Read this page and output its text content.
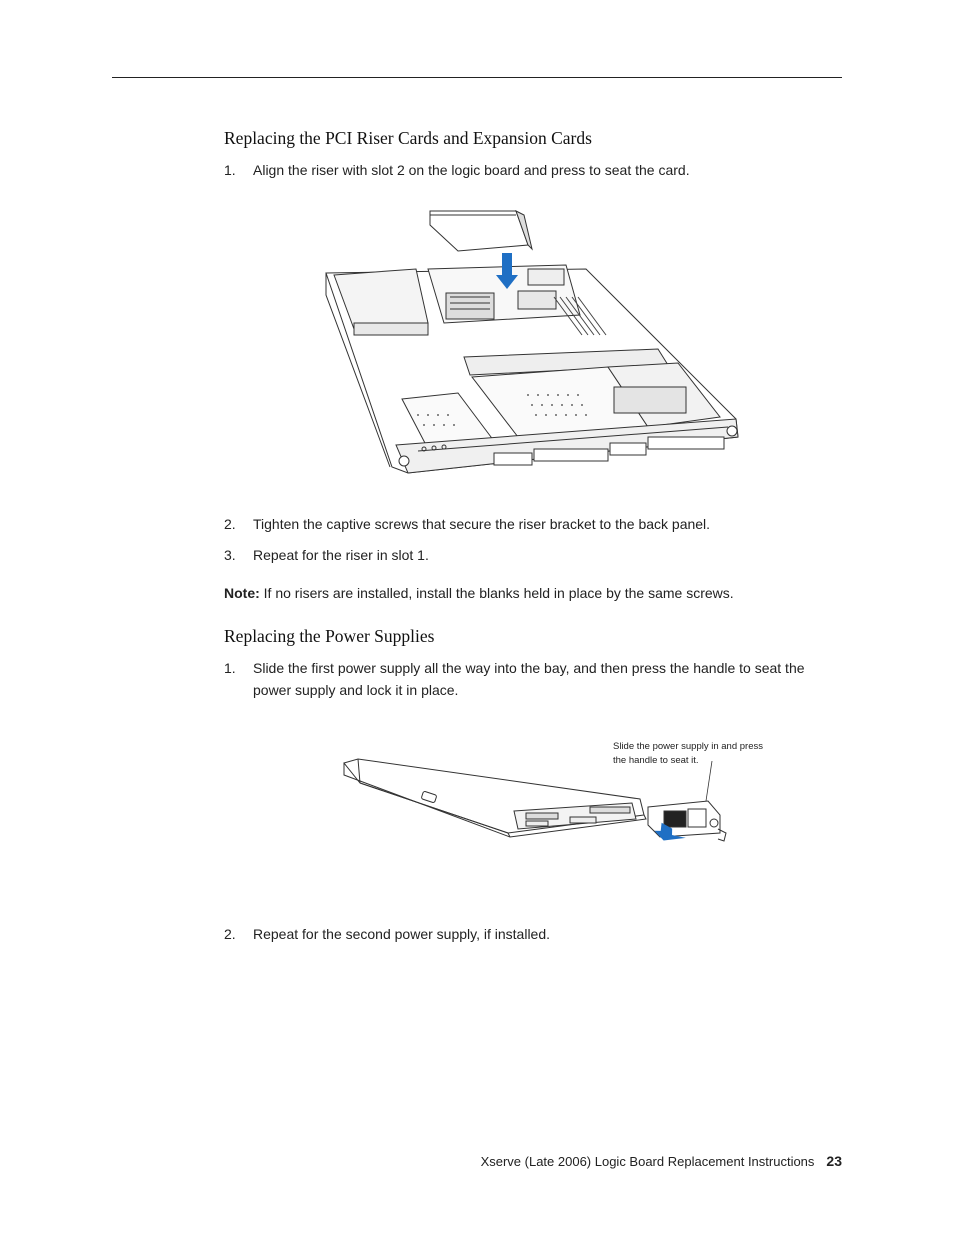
Replacing the PCI Riser Cards and Expansion Cards
1. Align the riser with slot 2 on the logic board and press to seat the card.
2. Tighten the captive screws that secure the riser bracket to the back panel.
3. Repeat for the riser in slot 1.
Note: If no risers are installed, install the blanks held in place by the same screws.
Replacing the Power Supplies
1. Slide the first power supply all the way into the bay, and then press the handle to seat the power supply and lock it in place.
Slide the power supply in and press the handle to seat it.
2. Repeat for the second power supply, if installed.
Xserve (Late 2006) Logic Board Replacement Instructions 23
